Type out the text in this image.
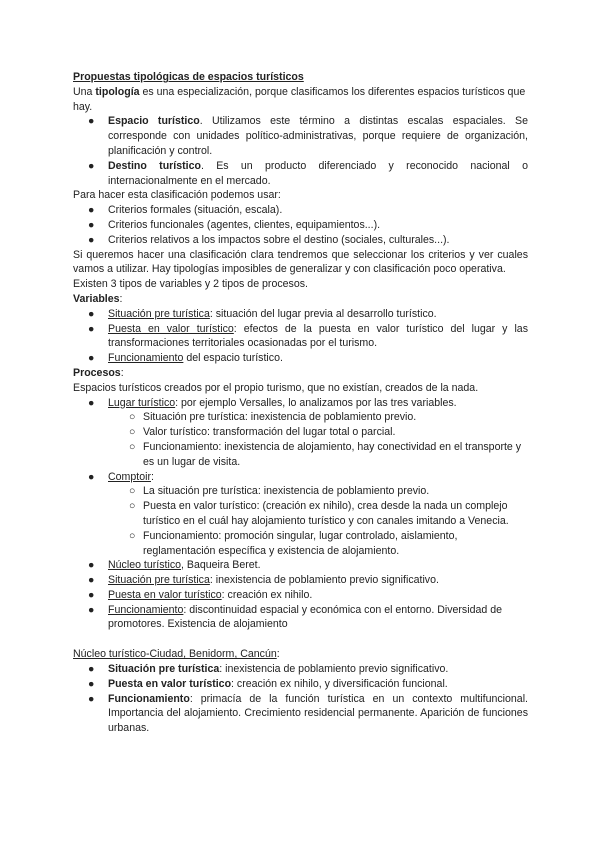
Propuestas tipológicas de espacios turísticos

Una tipología es una especialización, porque clasificamos los diferentes espacios turísticos que hay.

● Espacio turístico. Utilizamos este término a distintas escalas espaciales. Se corresponde con unidades político-administrativas, porque requiere de organización, planificación y control.
● Destino turístico. Es un producto diferenciado y reconocido nacional o internacionalmente en el mercado.

Para hacer esta clasificación podemos usar:

● Criterios formales (situación, escala).
● Criterios funcionales (agentes, clientes, equipamientos...).
● Criterios relativos a los impactos sobre el destino (sociales, culturales...).

Si queremos hacer una clasificación clara tendremos que seleccionar los criterios y ver cuales vamos a utilizar. Hay tipologías imposibles de generalizar y con clasificación poco operativa.

Existen 3 tipos de variables y 2 tipos de procesos.

Variables:

● Situación pre turística: situación del lugar previa al desarrollo turístico.
● Puesta en valor turístico: efectos de la puesta en valor turístico del lugar y las transformaciones territoriales ocasionadas por el turismo.
● Funcionamiento del espacio turístico.

Procesos:

Espacios turísticos creados por el propio turismo, que no existían, creados de la nada.

● Lugar turístico: por ejemplo Versalles, lo analizamos por las tres variables.
○ Situación pre turística: inexistencia de poblamiento previo.
○ Valor turístico: transformación del lugar total o parcial.
○ Funcionamiento: inexistencia de alojamiento, hay conectividad en el transporte y es un lugar de visita.
● Comptoir:
○ La situación pre turística: inexistencia de poblamiento previo.
○ Puesta en valor turístico: (creación ex nihilo), crea desde la nada un complejo turístico en el cuál hay alojamiento turístico y con canales imitando a Venecia.
○ Funcionamiento: promoción singular, lugar controlado, aislamiento, reglamentación específica y existencia de alojamiento.
● Núcleo turístico, Baqueira Beret.
● Situación pre turística: inexistencia de poblamiento previo significativo.
● Puesta en valor turístico: creación ex nihilo.
● Funcionamiento: discontinuidad espacial y económica con el entorno. Diversidad de promotores. Existencia de alojamiento

Núcleo turístico-Ciudad, Benidorm, Cancún:

● Situación pre turística: inexistencia de poblamiento previo significativo.
● Puesta en valor turístico: creación ex nihilo, y diversificación funcional.
● Funcionamiento: primacía de la función turística en un contexto multifuncional. Importancia del alojamiento. Crecimiento residencial permanente. Aparición de funciones urbanas.
